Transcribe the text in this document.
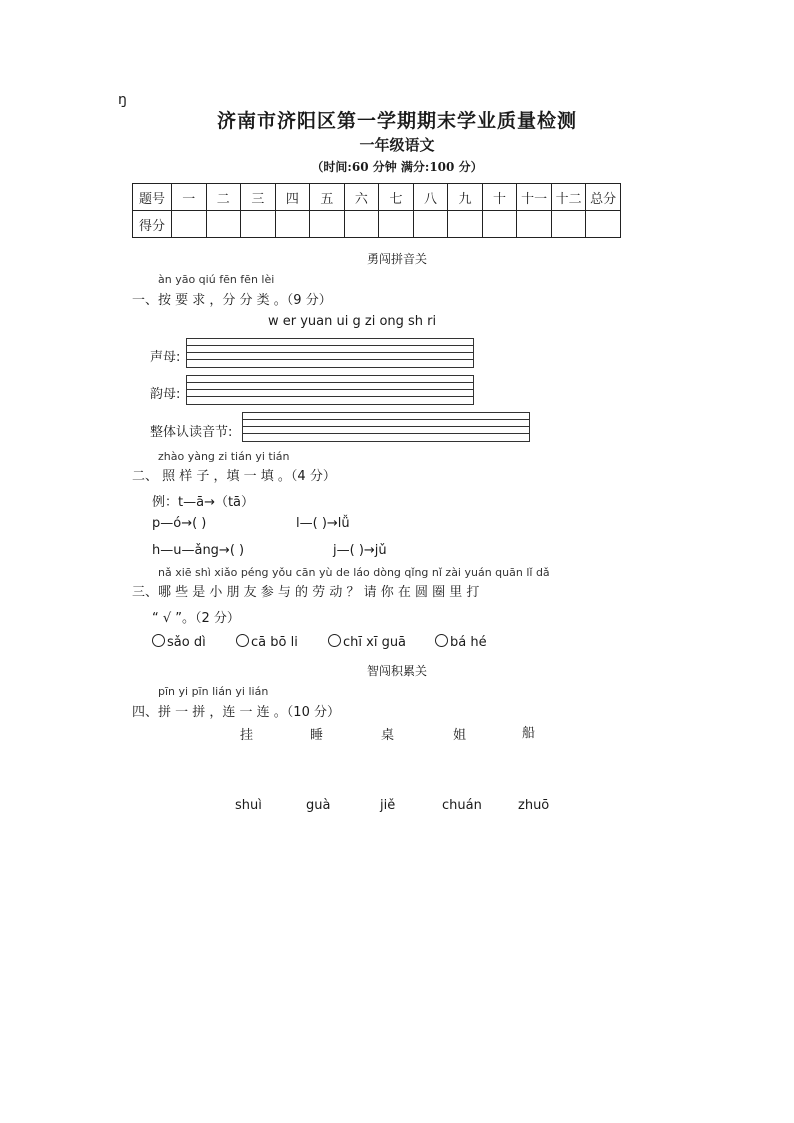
ŋ
济南市济阳区第一学期期末学业质量检测
一年级语文
（时间:60 分钟 满分:100 分）
题号	一	二	三	四	五	六	七	八	九	十	十一	十二	总分
得分													
勇闯拼音关
àn yāo qiú fēn fēn lèi
一、按 要 求 ，分 分 类 。（9 分）
w er yuan ui g zi ong sh ri
声母:
韵母:
整体认读音节:
zhào yàng zi tián yi tián
二、 照 样 子 ，填 一 填 。（4 分）
例：t—ā→（tā）
p—ó→( )	l—( )→lǚ
h—u—ǎng→( )	j—( )→jǔ
nǎ xiē shì xiǎo péng yǒu cān yù de láo dòng qǐng nǐ zài yuán quān lǐ dǎ
三、哪 些 是 小 朋 友 参 与 的 劳 动 ？ 请 你 在 圆 圈 里 打
“ √ ”。（2 分）
sǎo dì	cā bō li	chī xī guā	bá hé
智闯积累关
pīn yi pīn lián yi lián
四、拼 一 拼 ，连 一 连 。（10 分）
挂	睡	桌	姐	船
shuì	guà	jiě	chuán	zhuō
